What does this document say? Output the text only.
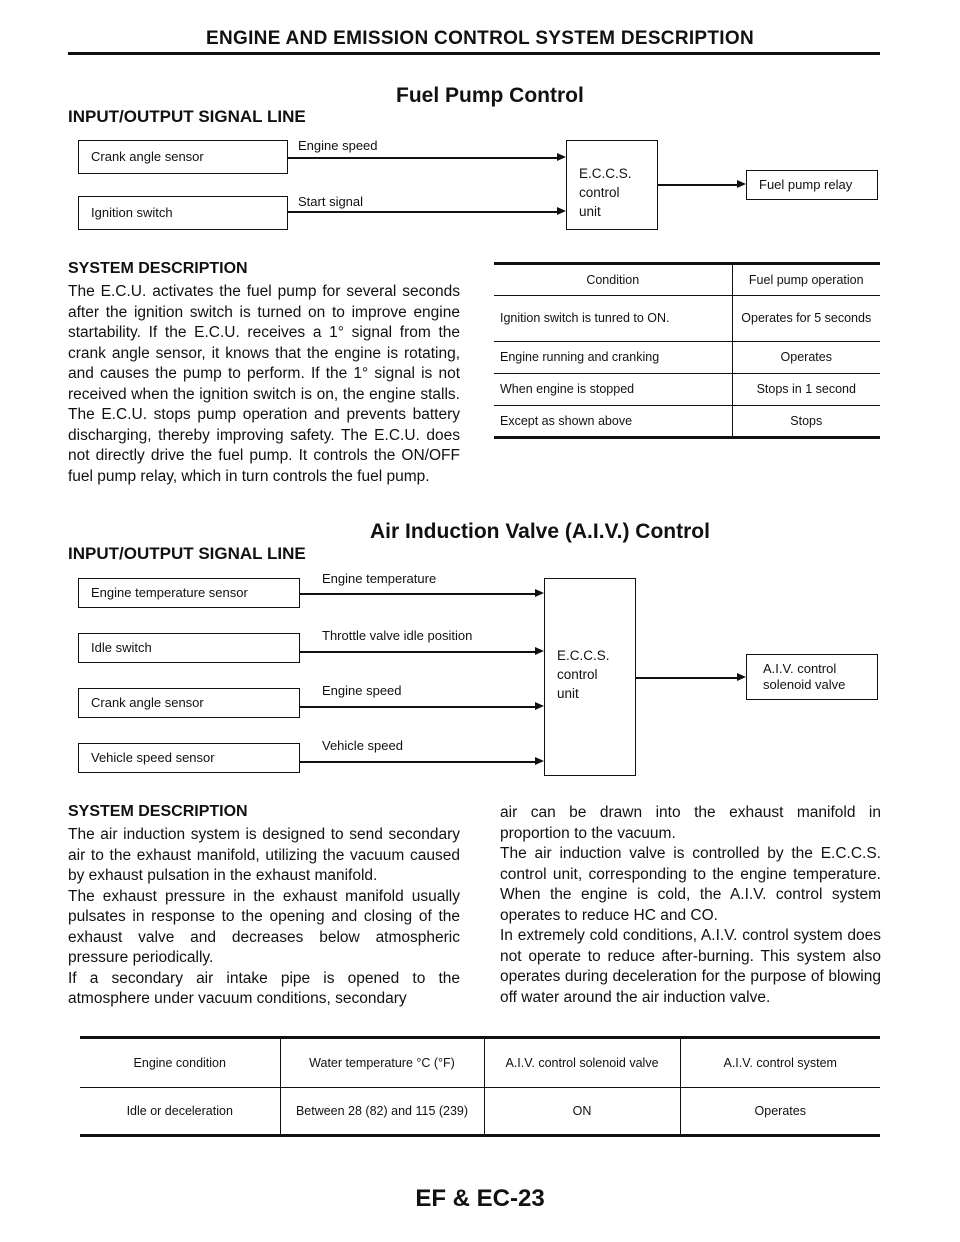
ENGINE AND EMISSION CONTROL SYSTEM DESCRIPTION
Fuel Pump Control
INPUT/OUTPUT SIGNAL LINE
Crank angle sensor
Engine speed
Ignition switch
Start signal
E.C.C.S.
control
unit
Fuel pump relay
SYSTEM DESCRIPTION
The E.C.U. activates the fuel pump for several seconds after the ignition switch is turned on to improve engine startability. If the E.C.U. receives a 1° signal from the crank angle sensor, it knows that the engine is rotating, and causes the pump to perform. If the 1° signal is not received when the ignition switch is on, the engine stalls. The E.C.U. stops pump operation and prevents battery discharging, thereby improving safety. The E.C.U. does not directly drive the fuel pump. It controls the ON/OFF fuel pump relay, which in turn controls the fuel pump.
Condition	Fuel pump operation
Ignition switch is tunred to ON.	Operates for 5 seconds
Engine running and cranking	Operates
When engine is stopped	Stops in 1 second
Except as shown above	Stops
Air Induction Valve (A.I.V.) Control
INPUT/OUTPUT SIGNAL LINE
Engine temperature sensor
Engine temperature
Idle switch
Throttle valve idle position
Crank angle sensor
Engine speed
Vehicle speed sensor
Vehicle speed
E.C.C.S.
control
unit
A.I.V. control
solenoid valve
SYSTEM DESCRIPTION

The air induction system is designed to send secondary air to the exhaust manifold, utilizing the vacuum caused by exhaust pulsation in the exhaust manifold.

The exhaust pressure in the exhaust manifold usually pulsates in response to the opening and closing of the exhaust valve and decreases below atmospheric pressure periodically.

If a secondary air intake pipe is opened to the atmosphere under vacuum conditions, secondary

air can be drawn into the exhaust manifold in proportion to the vacuum.

The air induction valve is controlled by the E.C.C.S. control unit, corresponding to the engine temperature. When the engine is cold, the A.I.V. control system operates to reduce HC and CO.

In extremely cold conditions, A.I.V. control system does not operate to reduce after-burning. This system also operates during deceleration for the purpose of blowing off water around the air induction valve.

Engine condition	Water temperature °C (°F)	A.I.V. control solenoid valve	A.I.V. control system
Idle or deceleration	Between 28 (82) and 115 (239)	ON	Operates
EF & EC-23
